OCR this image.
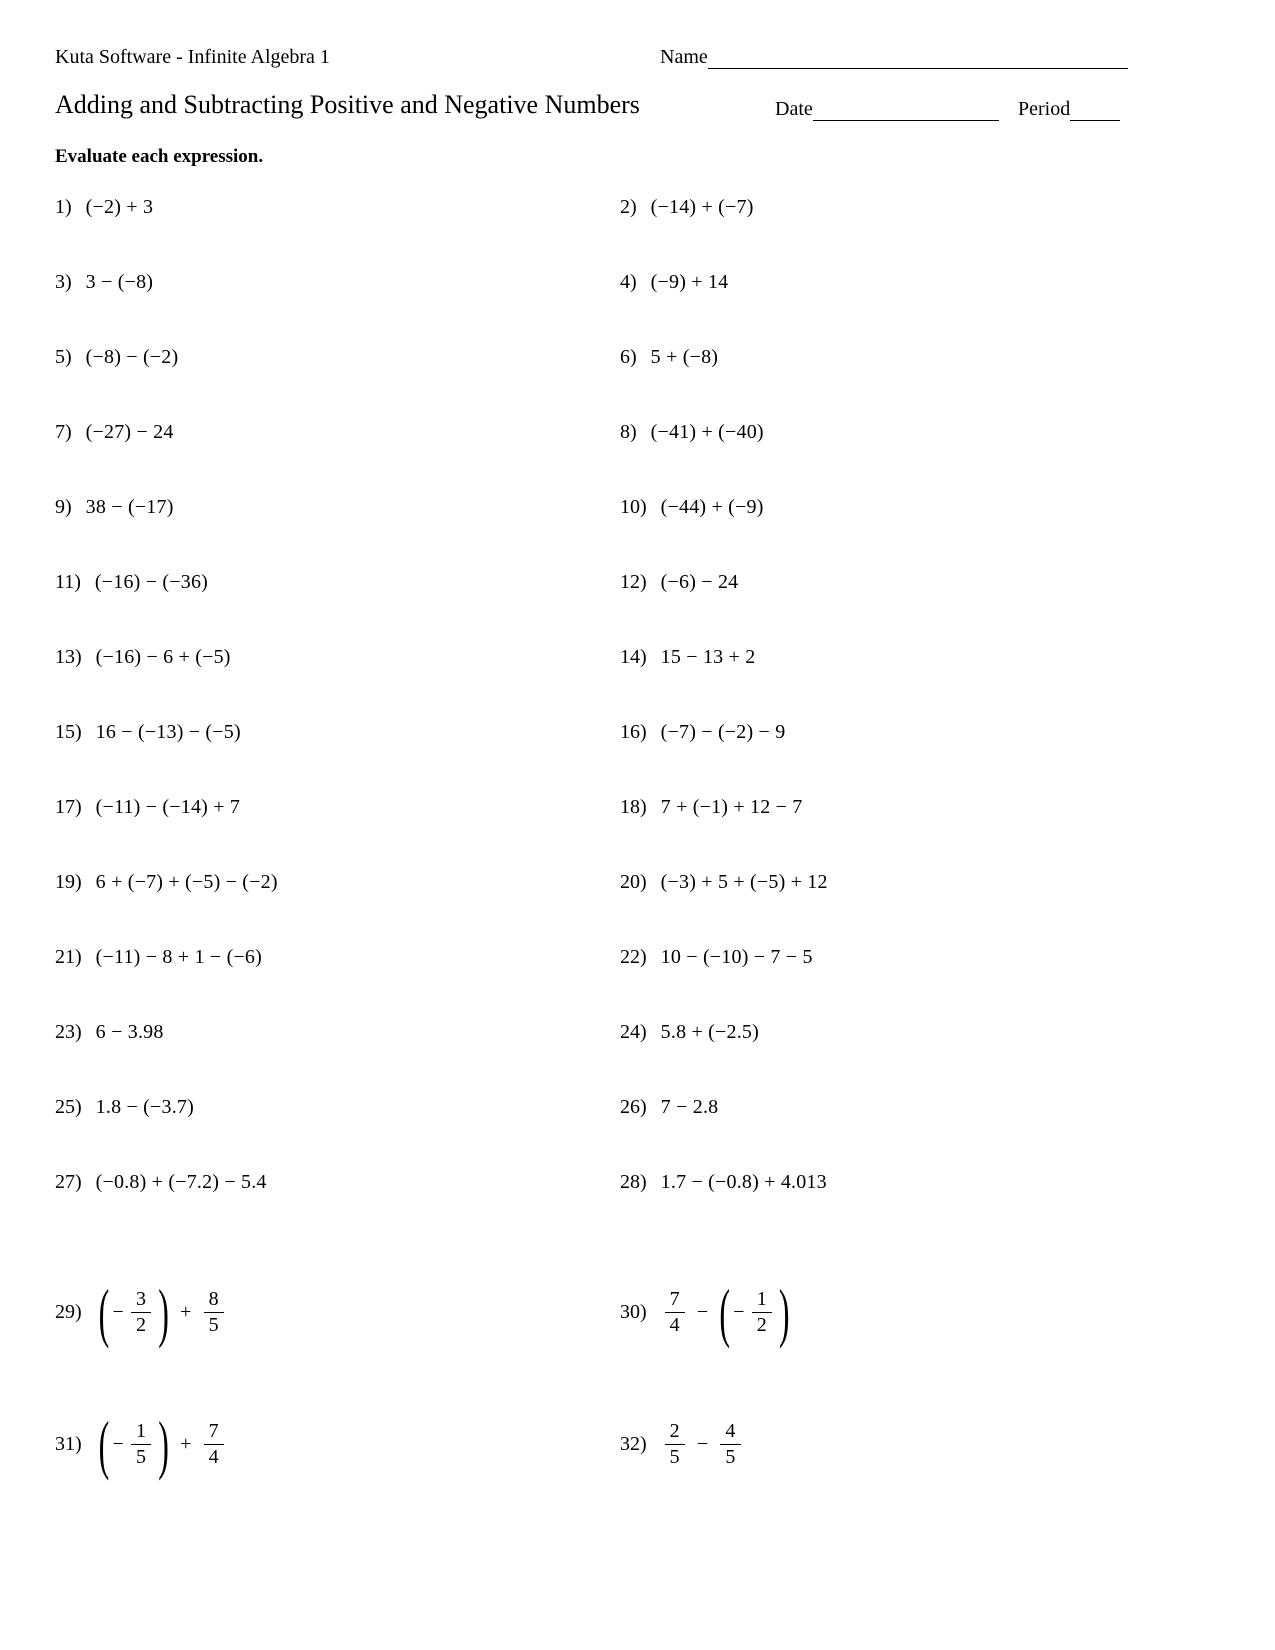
Kuta Software - Infinite Algebra 1	Name
Adding and Subtracting Positive and Negative Numbers	Date	Period
Evaluate each expression.
1) (−2) + 3	2) (−14) + (−7)
3) 3 − (−8)	4) (−9) + 14
5) (−8) − (−2)	6) 5 + (−8)
7) (−27) − 24	8) (−41) + (−40)
9) 38 − (−17)	10) (−44) + (−9)
11) (−16) − (−36)	12) (−6) − 24
13) (−16) − 6 + (−5)	14) 15 − 13 + 2
15) 16 − (−13) − (−5)	16) (−7) − (−2) − 9
17) (−11) − (−14) + 7	18) 7 + (−1) + 12 − 7
19) 6 + (−7) + (−5) − (−2)	20) (−3) + 5 + (−5) + 12
21) (−11) − 8 + 1 − (−6)	22) 10 − (−10) − 7 − 5
23) 6 − 3.98	24) 5.8 + (−2.5)
25) 1.8 − (−3.7)	26) 7 − 2.8
27) (−0.8) + (−7.2) − 5.4	28) 1.7 − (−0.8) + 4.013
29) ( − $\frac{3}{2}$ ) + $\frac{8}{5}$	$30) \frac{7}{4}$ − ( − $\frac{1}{2}$ )
31) ( − $\frac{1}{5}$ ) + $\frac{7}{4}$	$32) \frac{2}{5} - \frac{4}{5}$
